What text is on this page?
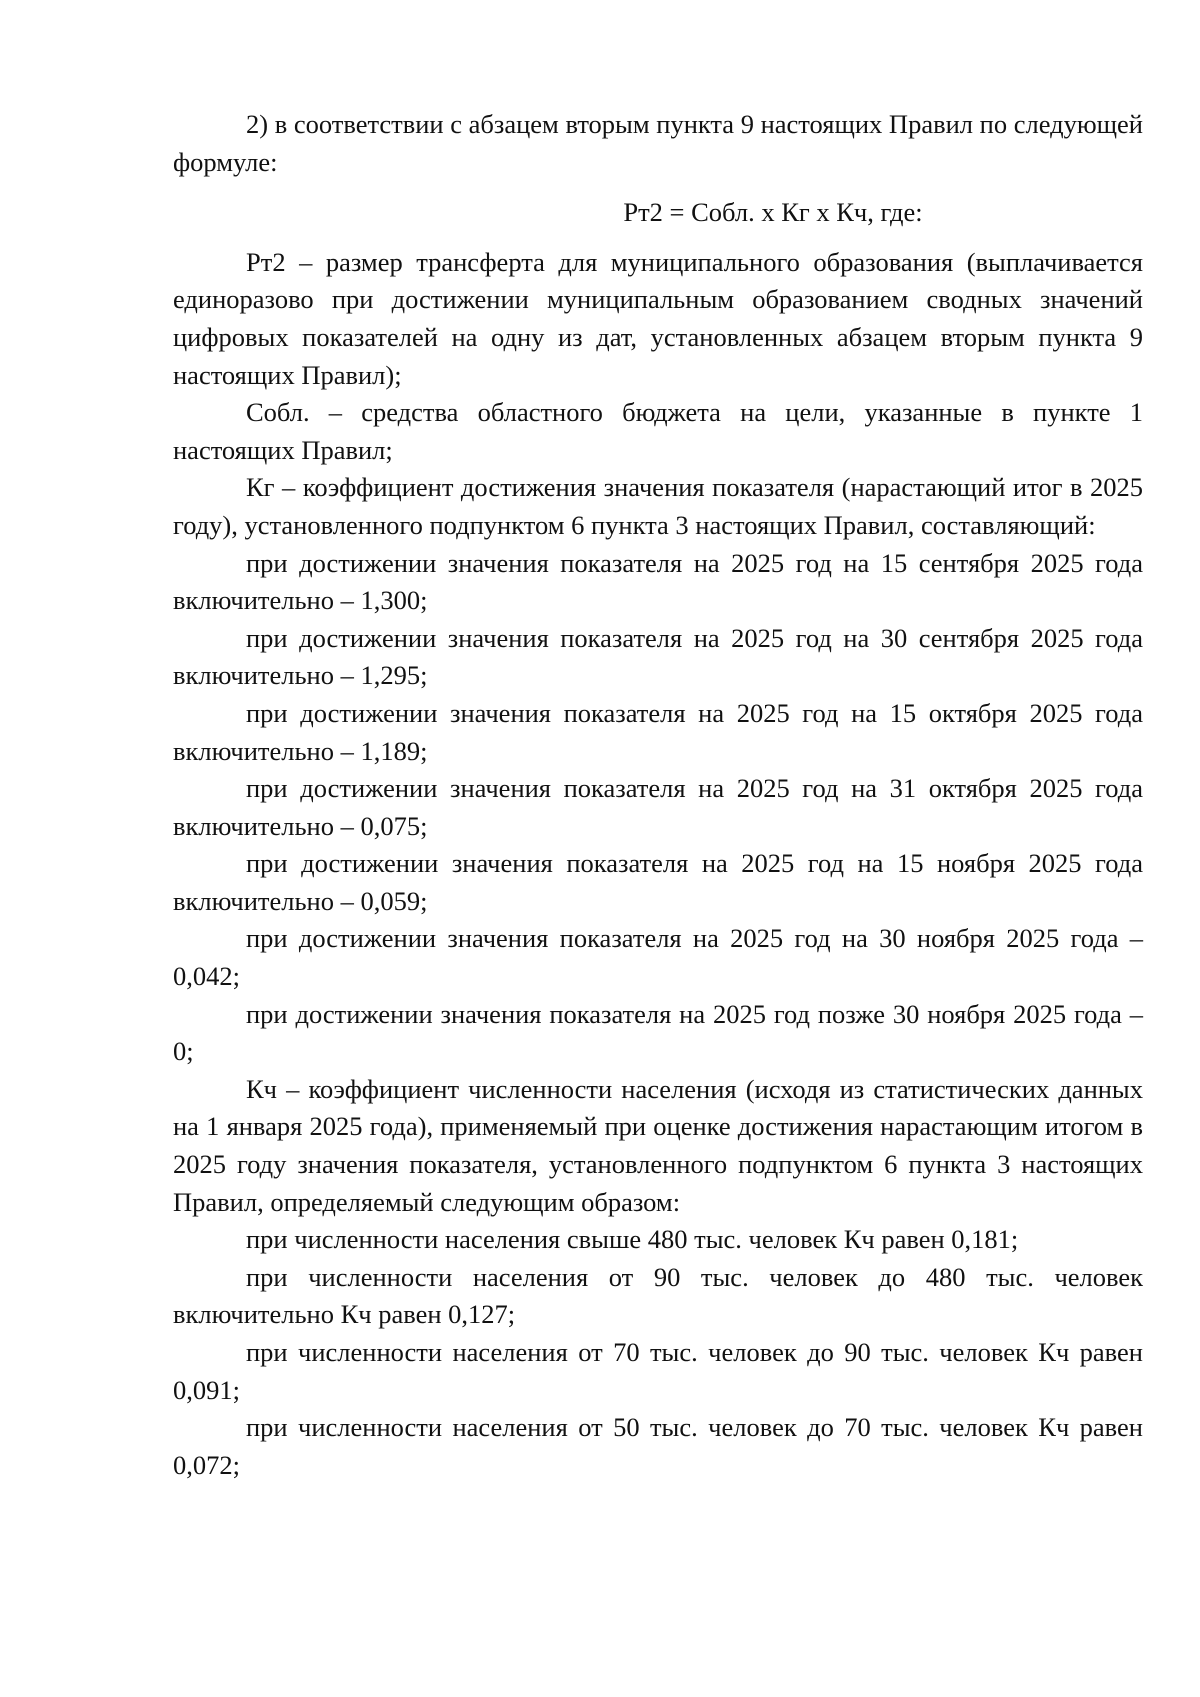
2) в соответствии с абзацем вторым пункта 9 настоящих Правил по следующей формуле:

Рт2 = Собл. х Кг х Кч, где:

Рт2 – размер трансферта для муниципального образования (выплачивается единоразово при достижении муниципальным образованием сводных значений цифровых показателей на одну из дат, установленных абзацем вторым пункта 9 настоящих Правил);

Собл. – средства областного бюджета на цели, указанные в пункте 1 настоящих Правил;

Кг – коэффициент достижения значения показателя (нарастающий итог в 2025 году), установленного подпунктом 6 пункта 3 настоящих Правил, составляющий:

при достижении значения показателя на 2025 год на 15 сентября 2025 года включительно – 1,300;

при достижении значения показателя на 2025 год на 30 сентября 2025 года включительно – 1,295;

при достижении значения показателя на 2025 год на 15 октября 2025 года включительно – 1,189;

при достижении значения показателя на 2025 год на 31 октября 2025 года включительно – 0,075;

при достижении значения показателя на 2025 год на 15 ноября 2025 года включительно – 0,059;

при достижении значения показателя на 2025 год на 30 ноября 2025 года – 0,042;

при достижении значения показателя на 2025 год позже 30 ноября 2025 года – 0;

Кч – коэффициент численности населения (исходя из статистических данных на 1 января 2025 года), применяемый при оценке достижения нарастающим итогом в 2025 году значения показателя, установленного подпунктом 6 пункта 3 настоящих Правил, определяемый следующим образом:

при численности населения свыше 480 тыс. человек Кч равен 0,181;

при численности населения от 90 тыс. человек до 480 тыс. человек включительно Кч равен 0,127;

при численности населения от 70 тыс. человек до 90 тыс. человек Кч равен 0,091;

при численности населения от 50 тыс. человек до 70 тыс. человек Кч равен 0,072;
